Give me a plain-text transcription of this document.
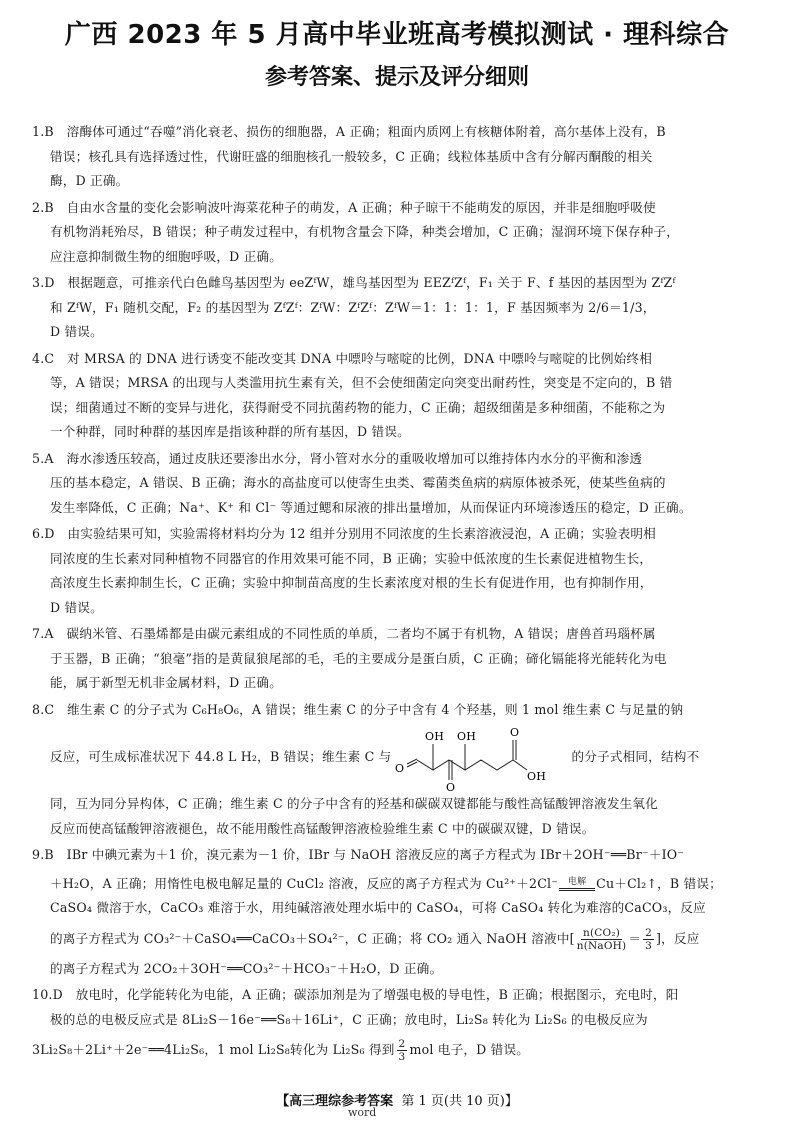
广西 2023 年 5 月高中毕业班高考模拟测试 · 理科综合
参考答案、提示及评分细则
1.B　溶酶体可通过“吞噬”消化衰老、损伤的细胞器，A 正确；粗面内质网上有核糖体附着，高尔基体上没有，B
错误；核孔具有选择透过性，代谢旺盛的细胞核孔一般较多，C 正确；线粒体基质中含有分解丙酮酸的相关
酶，D 正确。
2.B　自由水含量的变化会影响波叶海菜花种子的萌发，A 正确；种子晾干不能萌发的原因，并非是细胞呼吸使
有机物消耗殆尽，B 错误；种子萌发过程中，有机物含量会下降，种类会增加，C 正确；湿润环境下保存种子，
应注意抑制微生物的细胞呼吸，D 正确。
3.D　根据题意，可推亲代白色雌鸟基因型为 eeZᶠW，雄鸟基因型为 EEZᶠZᶠ，F₁ 关于 F、f 基因的基因型为 ZᶠZᶠ
和 ZᶠW，F₁ 随机交配，F₂ 的基因型为 ZᶠZᶠ：ZᶠW：ZᶠZᶠ：ZᶠW＝1：1：1：1，F 基因频率为 2/6＝1/3，
D 错误。
4.C　对 MRSA 的 DNA 进行诱变不能改变其 DNA 中嘌呤与嘧啶的比例，DNA 中嘌呤与嘧啶的比例始终相
等，A 错误；MRSA 的出现与人类滥用抗生素有关，但不会使细菌定向突变出耐药性，突变是不定向的，B 错
误；细菌通过不断的变异与进化，获得耐受不同抗菌药物的能力，C 正确；超级细菌是多种细菌，不能称之为
一个种群，同时种群的基因库是指该种群的所有基因，D 错误。
5.A　海水渗透压较高，通过皮肤还要渗出水分，肾小管对水分的重吸收增加可以维持体内水分的平衡和渗透
压的基本稳定，A 错误、B 正确；海水的高盐度可以使寄生虫类、霉菌类鱼病的病原体被杀死，使某些鱼病的
发生率降低，C 正确；Na⁺、K⁺ 和 Cl⁻ 等通过鳃和尿液的排出量增加，从而保证内环境渗透压的稳定，D 正确。
6.D　由实验结果可知，实验需将材料均分为 12 组并分别用不同浓度的生长素溶液浸泡，A 正确；实验表明相
同浓度的生长素对同种植物不同器官的作用效果可能不同，B 正确；实验中低浓度的生长素促进植物生长，
高浓度生长素抑制生长，C 正确；实验中抑制苗高度的生长素浓度对根的生长有促进作用，也有抑制作用，
D 错误。
7.A　碳纳米管、石墨烯都是由碳元素组成的不同性质的单质，二者均不属于有机物，A 错误；唐兽首玛瑙杯属
于玉器，B 正确；“狼毫”指的是黄鼠狼尾部的毛，毛的主要成分是蛋白质，C 正确；碲化镉能将光能转化为电
能，属于新型无机非金属材料，D 正确。
8.C　维生素 C 的分子式为 C₆H₈O₆，A 错误；维生素 C 的分子中含有 4 个羟基，则 1 mol 维生素 C 与足量的钠
反应，可生成标准状况下 44.8 L H₂，B 错误；维生素 C 与
O
OH OH
O
O
OH
的分子式相同，结构不
同，互为同分异构体，C 正确；维生素 C 的分子中含有的羟基和碳碳双键都能与酸性高锰酸钾溶液发生氧化
反应而使高锰酸钾溶液褪色，故不能用酸性高锰酸钾溶液检验维生素 C 中的碳碳双键，D 错误。
9.B　IBr 中碘元素为＋1 价，溴元素为－1 价，IBr 与 NaOH 溶液反应的离子方程式为 IBr＋2OH⁻══Br⁻＋IO⁻
＋H₂O，A 正确；用惰性电极电解足量的 CuCl₂ 溶液，反应的离子方程式为 Cu²⁺＋2Cl⁻ 电解 Cu＋Cl₂↑，B 错误；
CaSO₄ 微溶于水，CaCO₃ 难溶于水，用纯碱溶液处理水垢中的 CaSO₄，可将 CaSO₄ 转化为难溶的CaCO₃，反应
的离子方程式为 CO₃²⁻＋CaSO₄══CaCO₃＋SO₄²⁻，C 正确；将 CO₂ 通入 NaOH 溶液中[ $\frac{\text{n(CO₂)}}{\text{n(NaOH)}} = \frac{2}{3}$ ]，反应
的离子方程式为 2CO₂＋3OH⁻══CO₃²⁻＋HCO₃⁻＋H₂O，D 正确。
10.D　放电时，化学能转化为电能，A 正确；碳添加剂是为了增强电极的导电性，B 正确；根据图示，充电时，阳
极的总的电极反应式是 8Li₂S－16e⁻══S₈＋16Li⁺，C 正确；放电时，Li₂S₈ 转化为 Li₂S₆ 的电极反应为
3Li₂S₈＋2Li⁺＋2e⁻══4Li₂S₆，1 mol Li₂S₈转化为 Li₂S₆ 得到 $\frac{2}{3}$ mol 电子，D 错误。
【高三理综参考答案 第 1 页(共 10 页)】
word
